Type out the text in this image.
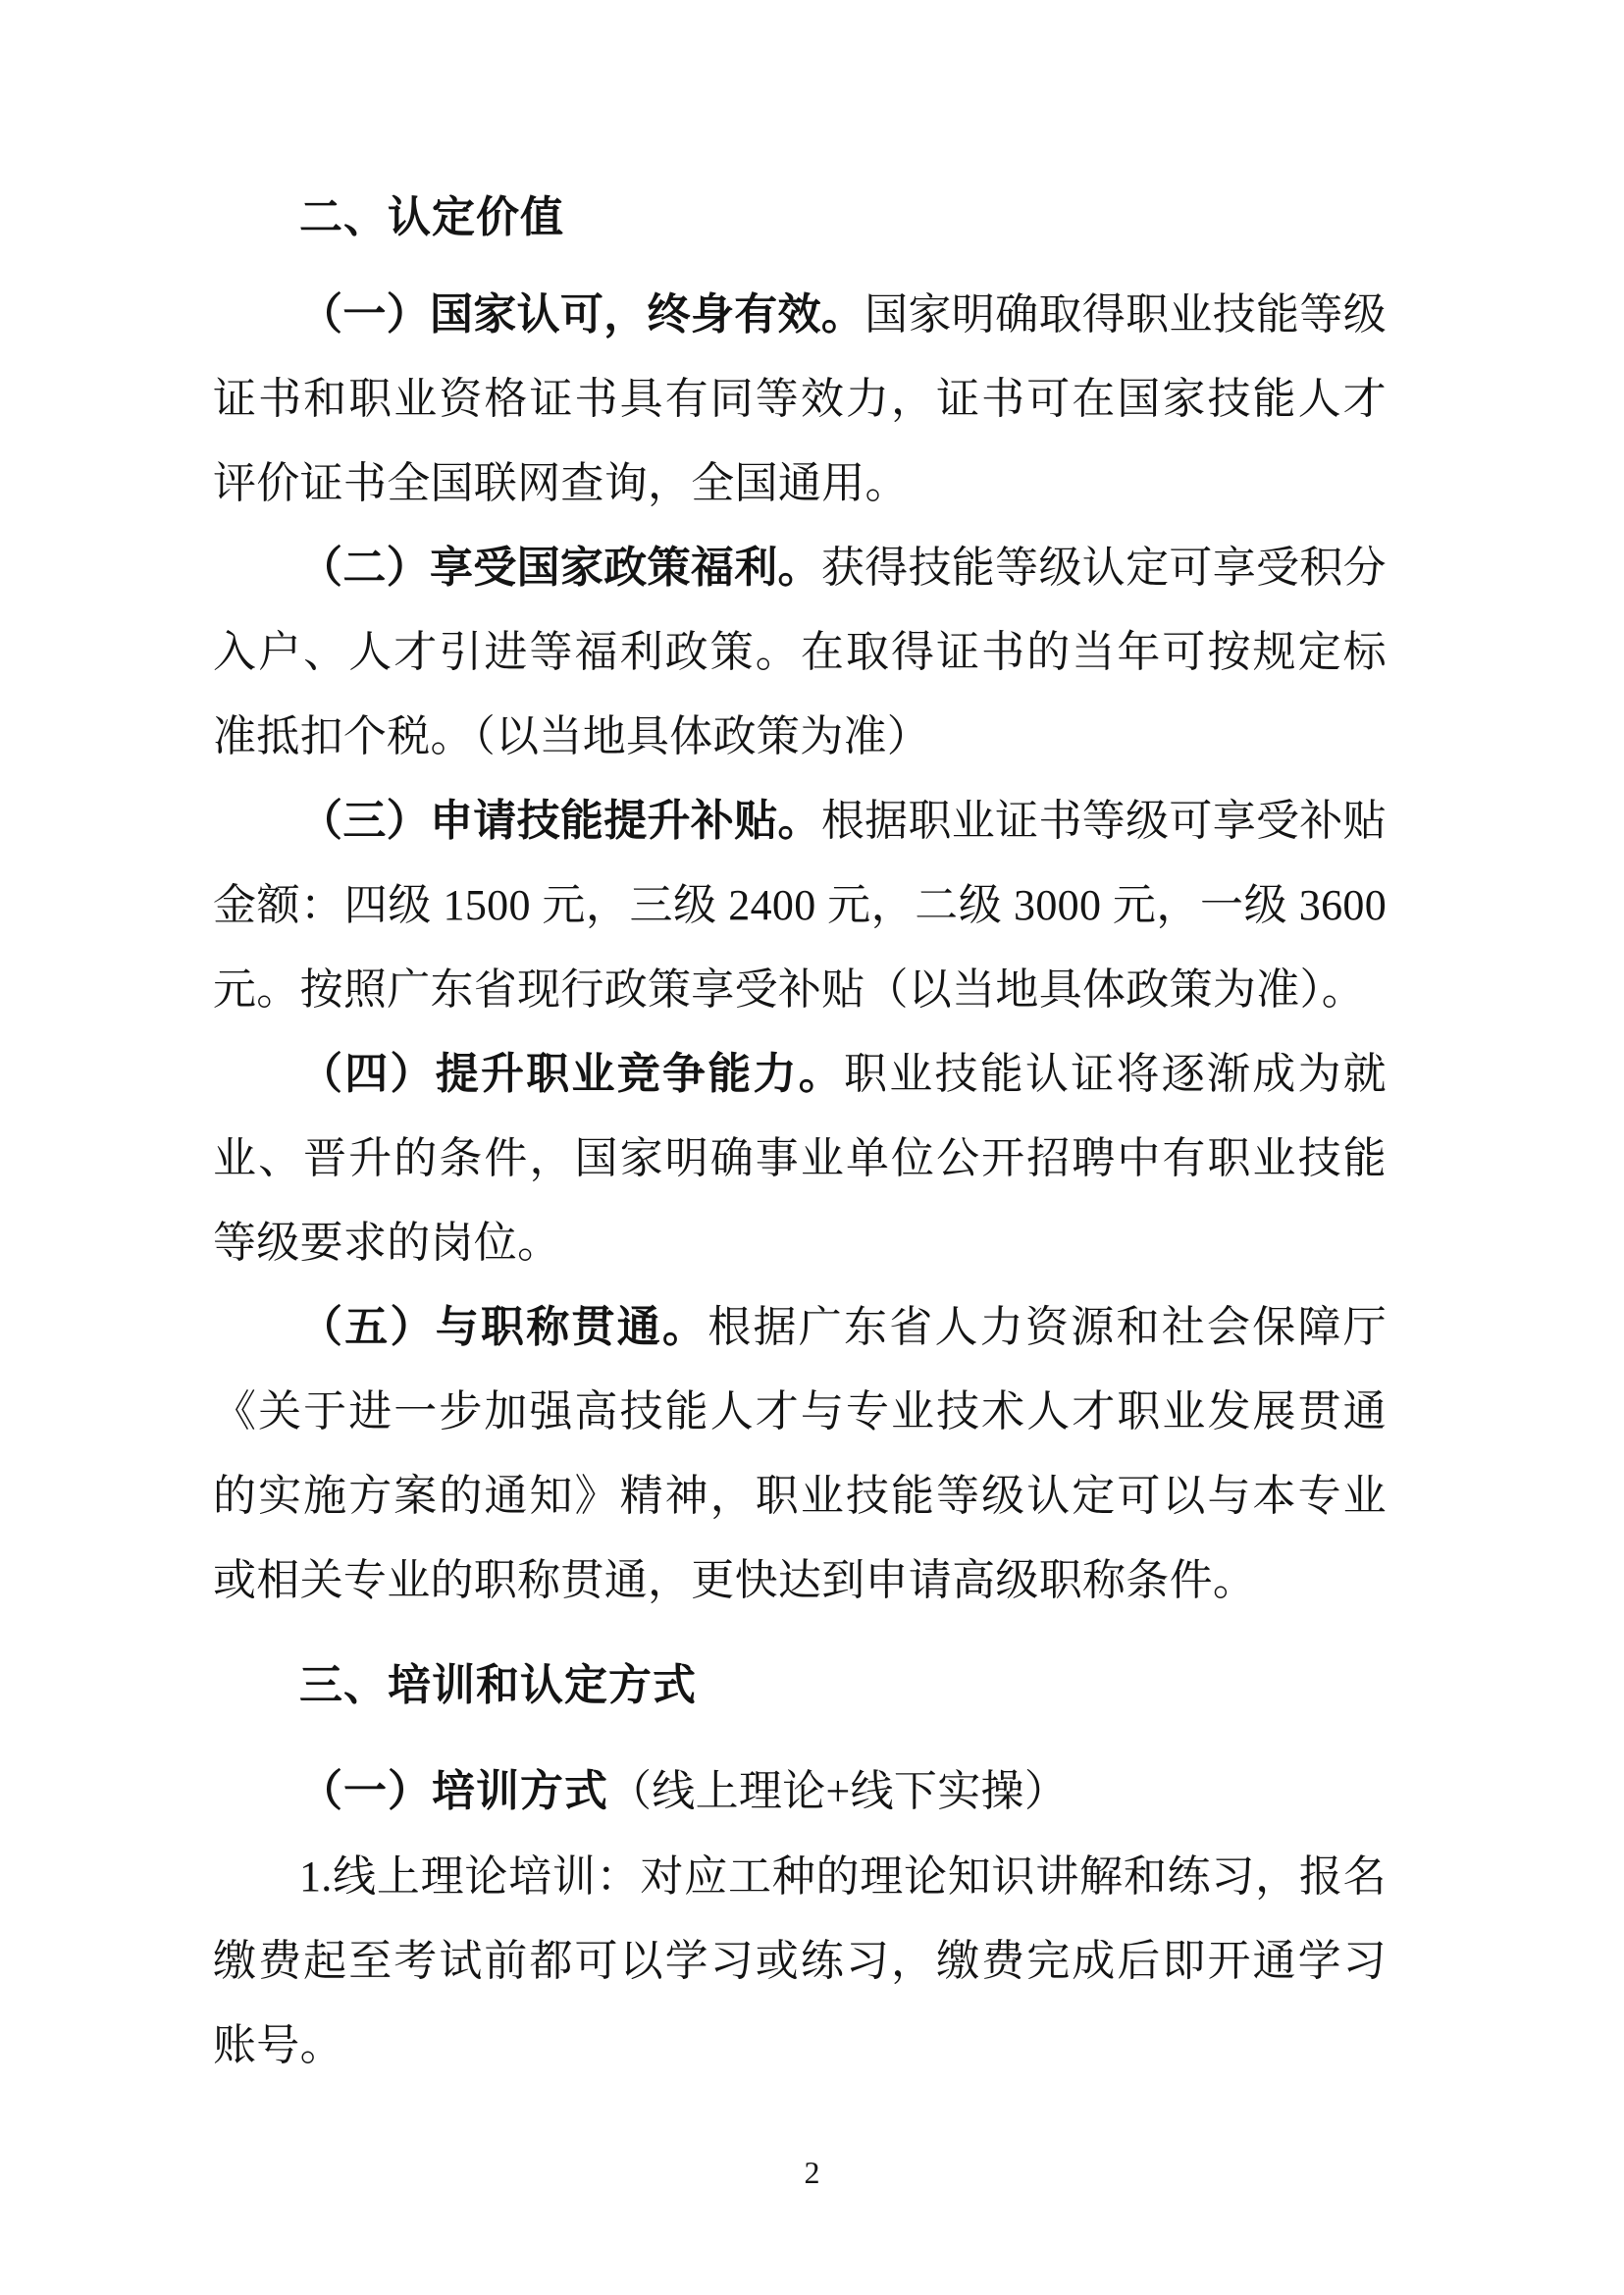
二、认定价值

（一）国家认可，终身有效。国家明确取得职业技能等级证书和职业资格证书具有同等效力，证书可在国家技能人才评价证书全国联网查询，全国通用。

（二）享受国家政策福利。获得技能等级认定可享受积分入户、人才引进等福利政策。在取得证书的当年可按规定标准抵扣个税。（以当地具体政策为准）

（三）申请技能提升补贴。根据职业证书等级可享受补贴金额：四级 1500 元，三级 2400 元，二级 3000 元，一级 3600 元。按照广东省现行政策享受补贴（以当地具体政策为准）。

（四）提升职业竞争能力。职业技能认证将逐渐成为就业、晋升的条件，国家明确事业单位公开招聘中有职业技能等级要求的岗位。

（五）与职称贯通。根据广东省人力资源和社会保障厅《关于进一步加强高技能人才与专业技术人才职业发展贯通的实施方案的通知》精神，职业技能等级认定可以与本专业或相关专业的职称贯通，更快达到申请高级职称条件。

三、培训和认定方式
（一）培训方式（线上理论+线下实操）

1.线上理论培训：对应工种的理论知识讲解和练习，报名缴费起至考试前都可以学习或练习，缴费完成后即开通学习账号。

2
